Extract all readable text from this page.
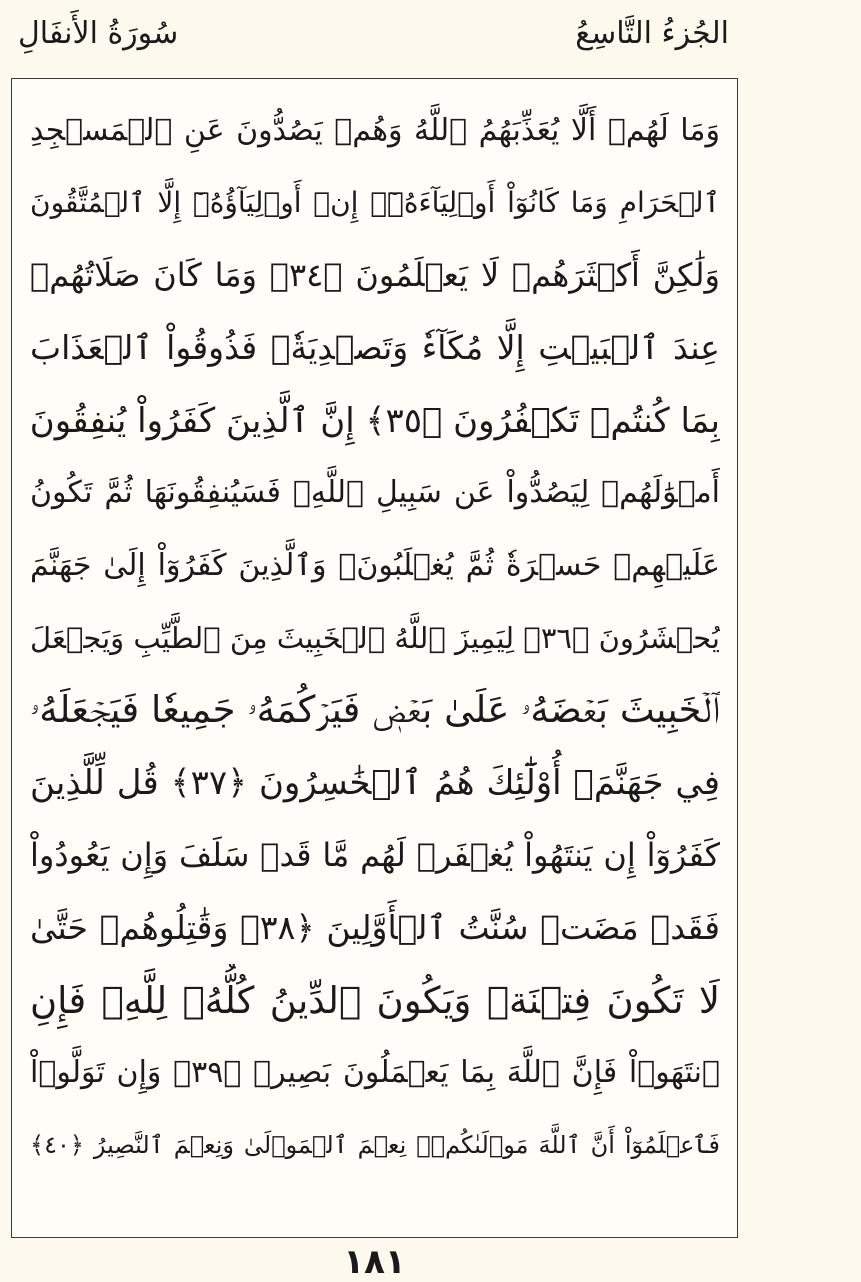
الجُزءُ التَّاسِعُ
سُورَةُ الأَنفَالِ
وَمَا لَهُمۡ أَلَّا يُعَذِّبَهُمُ ٱللَّهُ وَهُمۡ يَصُدُّونَ عَنِ ٱلۡمَسۡجِدِ
ٱلۡحَرَامِ وَمَا كَانُوٓاْ أَوۡلِيَآءَهُۥٓۚ إِنۡ أَوۡلِيَآؤُهُۥٓ إِلَّا ٱلۡمُتَّقُونَ
وَلَٰكِنَّ أَكۡثَرَهُمۡ لَا يَعۡلَمُونَ ﴿٣٤﴾ وَمَا كَانَ صَلَاتُهُمۡ
عِندَ ٱلۡبَيۡتِ إِلَّا مُكَآءٗ وَتَصۡدِيَةٗۚ فَذُوقُواْ ٱلۡعَذَابَ
بِمَا كُنتُمۡ تَكۡفُرُونَ ﴿٣٥﴾ إِنَّ ٱلَّذِينَ كَفَرُواْ يُنفِقُونَ
أَمۡوَٰلَهُمۡ لِيَصُدُّواْ عَن سَبِيلِ ٱللَّهِۚ فَسَيُنفِقُونَهَا ثُمَّ تَكُونُ
عَلَيۡهِمۡ حَسۡرَةٗ ثُمَّ يُغۡلَبُونَۗ وَٱلَّذِينَ كَفَرُوٓاْ إِلَىٰ جَهَنَّمَ
يُحۡشَرُونَ ﴿٣٦﴾ لِيَمِيزَ ٱللَّهُ ٱلۡخَبِيثَ مِنَ ٱلطَّيِّبِ وَيَجۡعَلَ
ٱلۡخَبِيثَ بَعۡضَهُۥ عَلَىٰ بَعۡضٖ فَيَرۡكُمَهُۥ جَمِيعٗا فَيَجۡعَلَهُۥ
فِي جَهَنَّمَۚ أُوْلَٰٓئِكَ هُمُ ٱلۡخَٰسِرُونَ ﴿٣٧﴾ قُل لِّلَّذِينَ
كَفَرُوٓاْ إِن يَنتَهُواْ يُغۡفَرۡ لَهُم مَّا قَدۡ سَلَفَ وَإِن يَعُودُواْ
فَقَدۡ مَضَتۡ سُنَّتُ ٱلۡأَوَّلِينَ ﴿٣٨﴾ وَقَٰتِلُوهُمۡ حَتَّىٰ
لَا تَكُونَ فِتۡنَةٞ وَيَكُونَ ٱلدِّينُ كُلُّهُۥ لِلَّهِۚ فَإِنِ
ٱنتَهَوۡاْ فَإِنَّ ٱللَّهَ بِمَا يَعۡمَلُونَ بَصِيرٞ ﴿٣٩﴾ وَإِن تَوَلَّوۡاْ
فَٱعۡلَمُوٓاْ أَنَّ ٱللَّهَ مَوۡلَىٰكُمۡۚ نِعۡمَ ٱلۡمَوۡلَىٰ وَنِعۡمَ ٱلنَّصِيرُ ﴿٤٠﴾
١٨١
